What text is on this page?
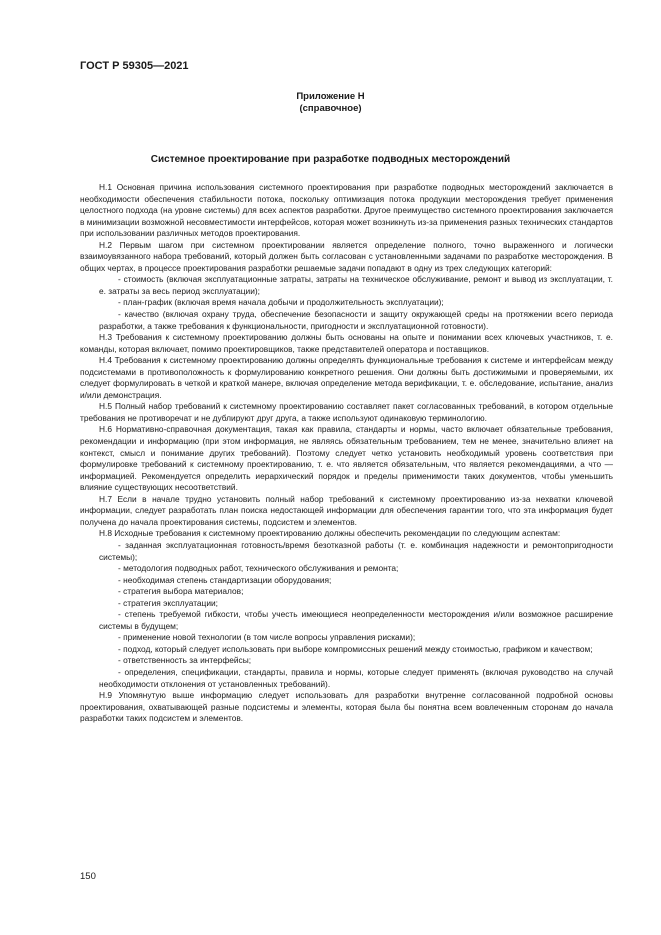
ГОСТ Р 59305—2021
Приложение Н
(справочное)
Системное проектирование при разработке подводных месторождений

Н.1 Основная причина использования системного проектирования при разработке подводных месторождений заключается в необходимости обеспечения стабильности потока, поскольку оптимизация потока продукции месторождения требует применения целостного подхода (на уровне системы) для всех аспектов разработки. Другое преимущество системного проектирования заключается в минимизации возможной несовместимости интерфейсов, которая может возникнуть из-за применения разных технических стандартов при использовании различных методов проектирования.

Н.2 Первым шагом при системном проектировании является определение полного, точно выраженного и логически взаимоувязанного набора требований, который должен быть согласован с установленными задачами по разработке месторождения. В общих чертах, в процессе проектирования разработки решаемые задачи попадают в одну из трех следующих категорий:

- стоимость (включая эксплуатационные затраты, затраты на техническое обслуживание, ремонт и вывод из эксплуатации, т. е. затраты за весь период эксплуатации);

- план-график (включая время начала добычи и продолжительность эксплуатации);

- качество (включая охрану труда, обеспечение безопасности и защиту окружающей среды на протяжении всего периода разработки, а также требования к функциональности, пригодности и эксплуатационной готовности).

Н.3 Требования к системному проектированию должны быть основаны на опыте и понимании всех ключевых участников, т. е. команды, которая включает, помимо проектировщиков, также представителей оператора и поставщиков.

Н.4 Требования к системному проектированию должны определять функциональные требования к системе и интерфейсам между подсистемами в противоположность к формулированию конкретного решения. Они должны быть достижимыми и проверяемыми, их следует формулировать в четкой и краткой манере, включая определение метода верификации, т. е. обследование, испытание, анализ и/или демонстрация.

Н.5 Полный набор требований к системному проектированию составляет пакет согласованных требований, в котором отдельные требования не противоречат и не дублируют друг друга, а также используют одинаковую терминологию.

Н.6 Нормативно-справочная документация, такая как правила, стандарты и нормы, часто включает обязательные требования, рекомендации и информацию (при этом информация, не являясь обязательным требованием, тем не менее, значительно влияет на контекст, смысл и понимание других требований). Поэтому следует четко установить необходимый уровень соответствия при формулировке требований к системному проектированию, т. е. что является обязательным, что является рекомендациями, а что — информацией. Рекомендуется определить иерархический порядок и пределы применимости таких документов, чтобы уменьшить влияние существующих несоответствий.

Н.7 Если в начале трудно установить полный набор требований к системному проектированию из-за нехватки ключевой информации, следует разработать план поиска недостающей информации для обеспечения гарантии того, что эта информация будет получена до начала проектирования системы, подсистем и элементов.

Н.8 Исходные требования к системному проектированию должны обеспечить рекомендации по следующим аспектам:

- заданная эксплуатационная готовность/время безотказной работы (т. е. комбинация надежности и ремонтопригодности системы);

- методология подводных работ, технического обслуживания и ремонта;

- необходимая степень стандартизации оборудования;

- стратегия выбора материалов;

- стратегия эксплуатации;

- степень требуемой гибкости, чтобы учесть имеющиеся неопределенности месторождения и/или возможное расширение системы в будущем;

- применение новой технологии (в том числе вопросы управления рисками);

- подход, который следует использовать при выборе компромиссных решений между стоимостью, графиком и качеством;

- ответственность за интерфейсы;

- определения, спецификации, стандарты, правила и нормы, которые следует применять (включая руководство на случай необходимости отклонения от установленных требований).

Н.9 Упомянутую выше информацию следует использовать для разработки внутренне согласованной подробной основы проектирования, охватывающей разные подсистемы и элементы, которая была бы понятна всем вовлеченным сторонам до начала разработки таких подсистем и элементов.

150
